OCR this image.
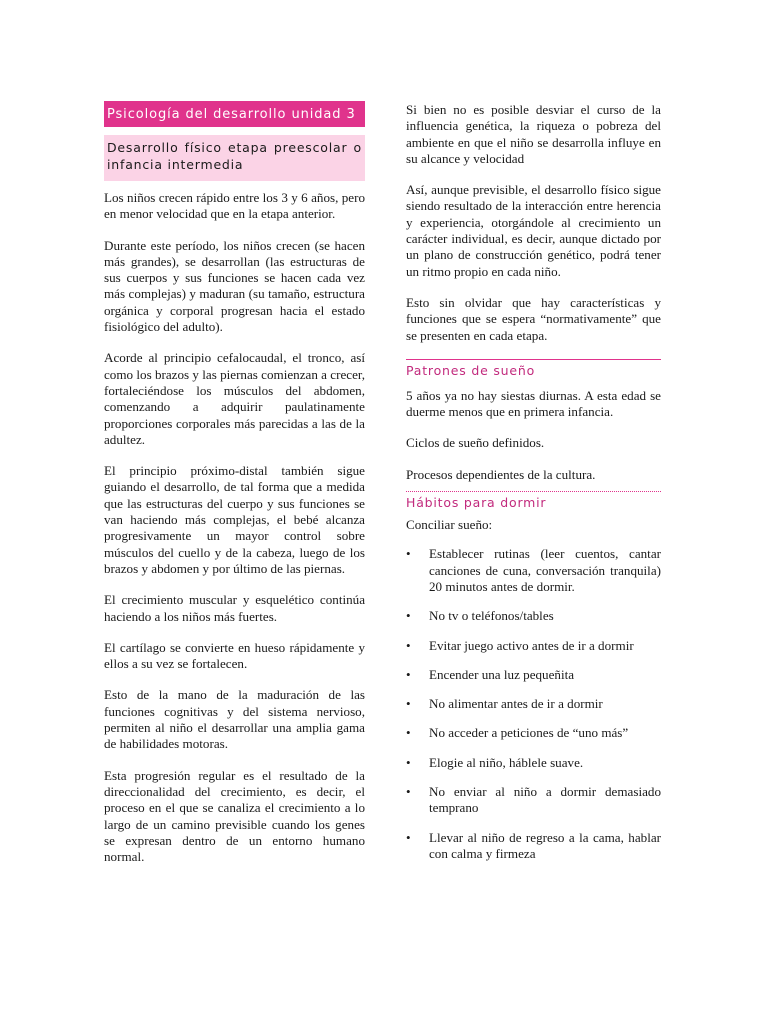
Psicología del desarrollo unidad 3
Desarrollo físico etapa preescolar o infancia intermedia

Los niños crecen rápido entre los 3 y 6 años, pero en menor velocidad que en la etapa anterior.

Durante este período, los niños crecen (se hacen más grandes), se desarrollan (las estructuras de sus cuerpos y sus funciones se hacen cada vez más complejas) y maduran (su tamaño, estructura orgánica y corporal progresan hacia el estado fisiológico del adulto).

Acorde al principio cefalocaudal, el tronco, así como los brazos y las piernas comienzan a crecer, fortaleciéndose los músculos del abdomen, comenzando a adquirir paulatinamente proporciones corporales más parecidas a las de la adultez.

El principio próximo-distal también sigue guiando el desarrollo, de tal forma que a medida que las estructuras del cuerpo y sus funciones se van haciendo más complejas, el bebé alcanza progresivamente un mayor control sobre músculos del cuello y de la cabeza, luego de los brazos y abdomen y por último de las piernas.

El crecimiento muscular y esquelético continúa haciendo a los niños más fuertes.

El cartílago se convierte en hueso rápidamente y ellos a su vez se fortalecen.

Esto de la mano de la maduración de las funciones cognitivas y del sistema nervioso, permiten al niño el desarrollar una amplia gama de habilidades motoras.

Esta progresión regular es el resultado de la direccionalidad del crecimiento, es decir, el proceso en el que se canaliza el crecimiento a lo largo de un camino previsible cuando los genes se expresan dentro de un entorno humano normal.

Si bien no es posible desviar el curso de la influencia genética, la riqueza o pobreza del ambiente en que el niño se desarrolla influye en su alcance y velocidad

Así, aunque previsible, el desarrollo físico sigue siendo resultado de la interacción entre herencia y experiencia, otorgándole al crecimiento un carácter individual, es decir, aunque dictado por un plano de construcción genético, podrá tener un ritmo propio en cada niño.

Esto sin olvidar que hay características y funciones que se espera “normativamente” que se presenten en cada etapa.

Patrones de sueño

5 años ya no hay siestas diurnas. A esta edad se duerme menos que en primera infancia.

Ciclos de sueño definidos.

Procesos dependientes de la cultura.

Hábitos para dormir

Conciliar sueño:

• Establecer rutinas (leer cuentos, cantar canciones de cuna, conversación tranquila) 20 minutos antes de dormir.
• No tv o teléfonos/tables
• Evitar juego activo antes de ir a dormir
• Encender una luz pequeñita
• No alimentar antes de ir a dormir
• No acceder a peticiones de “uno más”
• Elogie al niño, háblele suave.
• No enviar al niño a dormir demasiado temprano
• Llevar al niño de regreso a la cama, hablar con calma y firmeza
